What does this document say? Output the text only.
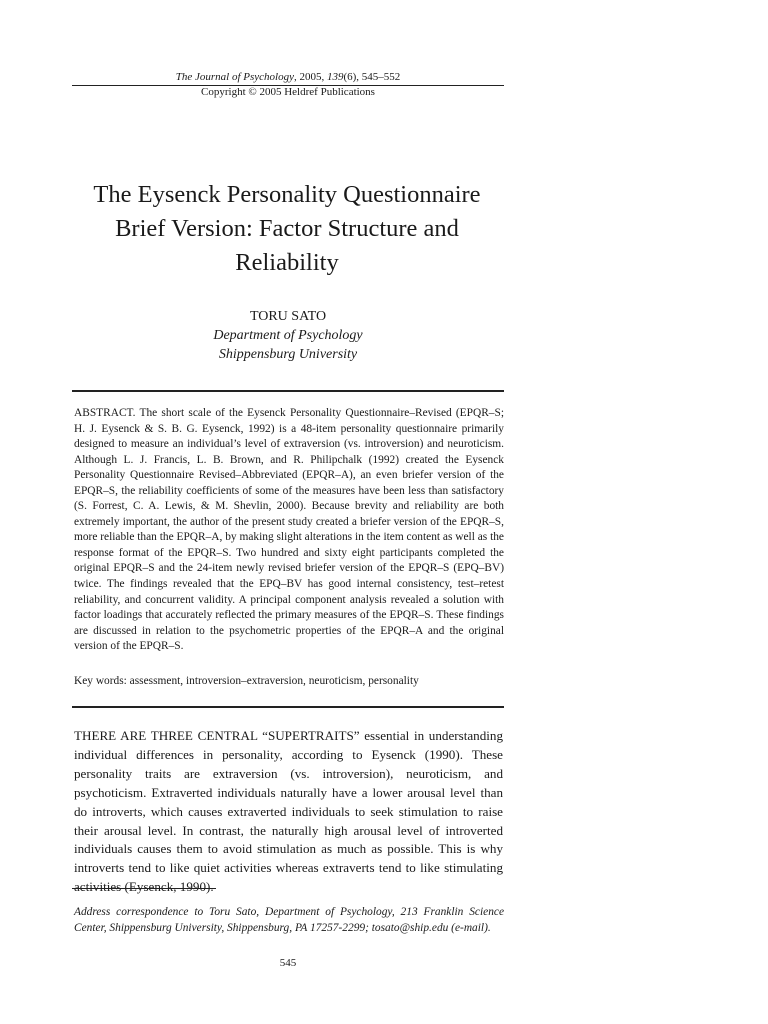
The Journal of Psychology, 2005, 139(6), 545–552
Copyright © 2005 Heldref Publications
The Eysenck Personality Questionnaire Brief Version: Factor Structure and Reliability
TORU SATO
Department of Psychology
Shippensburg University
ABSTRACT. The short scale of the Eysenck Personality Questionnaire–Revised (EPQR–S; H. J. Eysenck & S. B. G. Eysenck, 1992) is a 48-item personality questionnaire primarily designed to measure an individual’s level of extraversion (vs. introversion) and neuroticism. Although L. J. Francis, L. B. Brown, and R. Philipchalk (1992) created the Eysenck Personality Questionnaire Revised–Abbreviated (EPQR–A), an even briefer version of the EPQR–S, the reliability coefficients of some of the measures have been less than satisfactory (S. Forrest, C. A. Lewis, & M. Shevlin, 2000). Because brevity and reliability are both extremely important, the author of the present study created a briefer version of the EPQR–S, more reliable than the EPQR–A, by making slight alterations in the item content as well as the response format of the EPQR–S. Two hundred and sixty eight participants completed the original EPQR–S and the 24-item newly revised briefer version of the EPQR–S (EPQ–BV) twice. The findings revealed that the EPQ–BV has good internal consistency, test–retest reliability, and concurrent validity. A principal component analysis revealed a solution with factor loadings that accurately reflected the primary measures of the EPQR–S. These findings are discussed in relation to the psychometric properties of the EPQR–A and the original version of the EPQR–S.
Key words: assessment, introversion–extraversion, neuroticism, personality
THERE ARE THREE CENTRAL “SUPERTRAITS” essential in understanding individual differences in personality, according to Eysenck (1990). These personality traits are extraversion (vs. introversion), neuroticism, and psychoticism. Extraverted individuals naturally have a lower arousal level than do introverts, which causes extraverted individuals to seek stimulation to raise their arousal level. In contrast, the naturally high arousal level of introverted individuals causes them to avoid stimulation as much as possible. This is why introverts tend to like quiet activities whereas extraverts tend to like stimulating activities (Eysenck, 1990).
Address correspondence to Toru Sato, Department of Psychology, 213 Franklin Science Center, Shippensburg University, Shippensburg, PA 17257-2299; tosato@ship.edu (e-mail).
545
